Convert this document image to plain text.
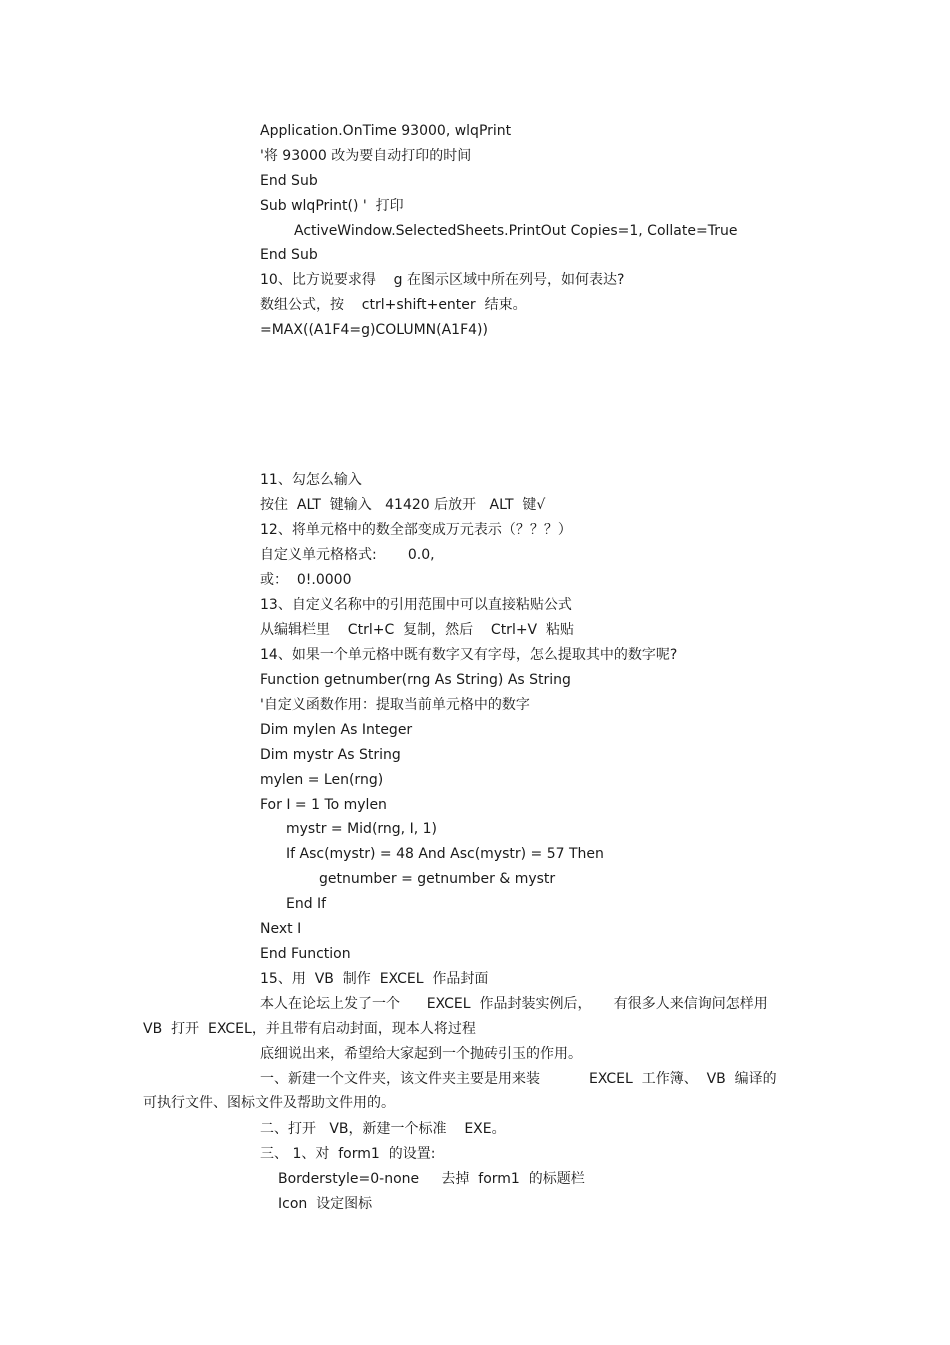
Application.OnTime 93000, wlqPrint

'将 93000 改为要自动打印的时间

End Sub

Sub wlqPrint() '  打印

ActiveWindow.SelectedSheets.PrintOut Copies=1, Collate=True

End Sub

10、比方说要求得    g 在图示区域中所在列号，如何表达?

数组公式，按    ctrl+shift+enter  结束。

=MAX((A1F4=g)COLUMN(A1F4))

11、勾怎么输入

按住  ALT  键输入   41420 后放开   ALT  键√

12、将单元格中的数全部变成万元表示（？？？）

自定义单元格格式:       0.0,

或：  0!.0000

13、自定义名称中的引用范围中可以直接粘贴公式

从编辑栏里    Ctrl+C  复制，然后    Ctrl+V  粘贴

14、如果一个单元格中既有数字又有字母，怎么提取其中的数字呢?

Function getnumber(rng As String) As String

'自定义函数作用：提取当前单元格中的数字

Dim mylen As Integer

Dim mystr As String

mylen = Len(rng)

For I = 1 To mylen

mystr = Mid(rng, I, 1)

If Asc(mystr) = 48 And Asc(mystr) = 57 Then

getnumber = getnumber & mystr

End If

Next I

End Function

15、用  VB  制作  EXCEL  作品封面

本人在论坛上发了一个      EXCEL  作品封装实例后，     有很多人来信询问怎样用

VB  打开  EXCEL，并且带有启动封面，现本人将过程

底细说出来，希望给大家起到一个抛砖引玉的作用。

一、新建一个文件夹，该文件夹主要是用来装           EXCEL  工作簿、  VB  编译的

可执行文件、图标文件及帮助文件用的。

二、打开   VB，新建一个标准    EXE。

三、 1、对  form1  的设置:

Borderstyle=0-none     去掉  form1  的标题栏

Icon  设定图标
